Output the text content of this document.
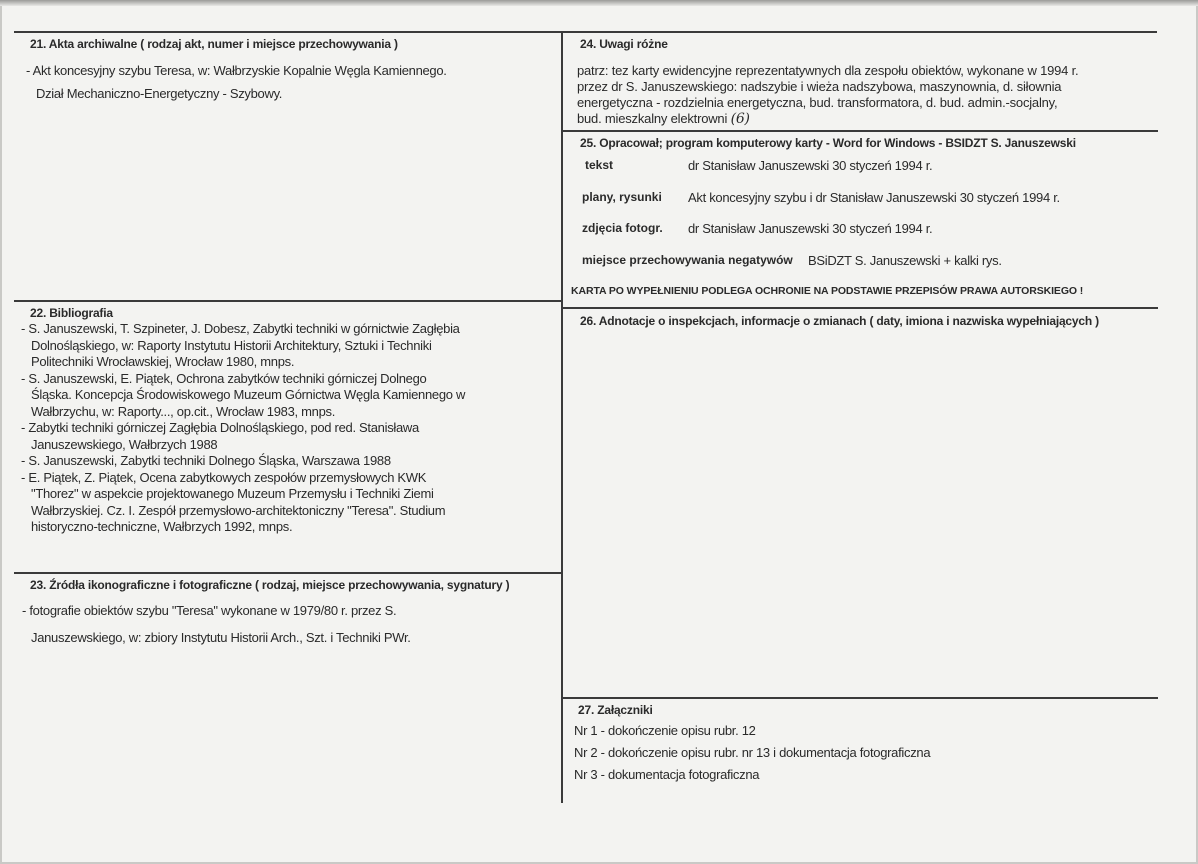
21. Akta archiwalne ( rodzaj akt, numer i miejsce przechowywania )
- Akt koncesyjny szybu Teresa, w: Wałbrzyskie Kopalnie Węgla Kamiennego.
Dział Mechaniczno-Energetyczny - Szybowy.
24. Uwagi różne
patrz: tez karty ewidencyjne reprezentatywnych dla zespołu obiektów, wykonane w 1994 r.
przez dr S. Januszewskiego: nadszybie i wieża nadszybowa, maszynownia, d. siłownia
energetyczna - rozdzielnia energetyczna, bud. transformatora, d. bud. admin.-socjalny,
bud. mieszkalny elektrowni (6)
25. Opracował; program komputerowy karty - Word for Windows - BSIDZT S. Januszewski
tekst	dr Stanisław Januszewski 30 styczeń 1994 r.
plany, rysunki Akt koncesyjny szybu i dr Stanisław Januszewski 30 styczeń 1994 r.
zdjęcia fotogr. dr Stanisław Januszewski 30 styczeń 1994 r.
miejsce przechowywania negatywów BSiDZT S. Januszewski + kalki rys.
KARTA PO WYPEŁNIENIU PODLEGA OCHRONIE NA PODSTAWIE PRZEPISÓW PRAWA AUTORSKIEGO !
22. Bibliografia
- S. Januszewski, T. Szpineter, J. Dobesz, Zabytki techniki w górnictwie Zagłębia
Dolnośląskiego, w: Raporty Instytutu Historii Architektury, Sztuki i Techniki
Politechniki Wrocławskiej, Wrocław 1980, mnps.
- S. Januszewski, E. Piątek, Ochrona zabytków techniki górniczej Dolnego
Śląska. Koncepcja Środowiskowego Muzeum Górnictwa Węgla Kamiennego w
Wałbrzychu, w: Raporty..., op.cit., Wrocław 1983, mnps.
- Zabytki techniki górniczej Zagłębia Dolnośląskiego, pod red. Stanisława
Januszewskiego, Wałbrzych 1988
- S. Januszewski, Zabytki techniki Dolnego Śląska, Warszawa 1988
- E. Piątek, Z. Piątek, Ocena zabytkowych zespołów przemysłowych KWK
"Thorez" w aspekcie projektowanego Muzeum Przemysłu i Techniki Ziemi
Wałbrzyskiej. Cz. I. Zespół przemysłowo-architektoniczny "Teresa". Studium
historyczno-techniczne, Wałbrzych 1992, mnps.
26. Adnotacje o inspekcjach, informacje o zmianach ( daty, imiona i nazwiska wypełniających )
23. Źródła ikonograficzne i fotograficzne ( rodzaj, miejsce przechowywania, sygnatury )
- fotografie obiektów szybu "Teresa" wykonane w 1979/80 r. przez S.
Januszewskiego, w: zbiory Instytutu Historii Arch., Szt. i Techniki PWr.
27. Załączniki
Nr 1 - dokończenie opisu rubr. 12
Nr 2 - dokończenie opisu rubr. nr 13 i dokumentacja fotograficzna
Nr 3 - dokumentacja fotograficzna
